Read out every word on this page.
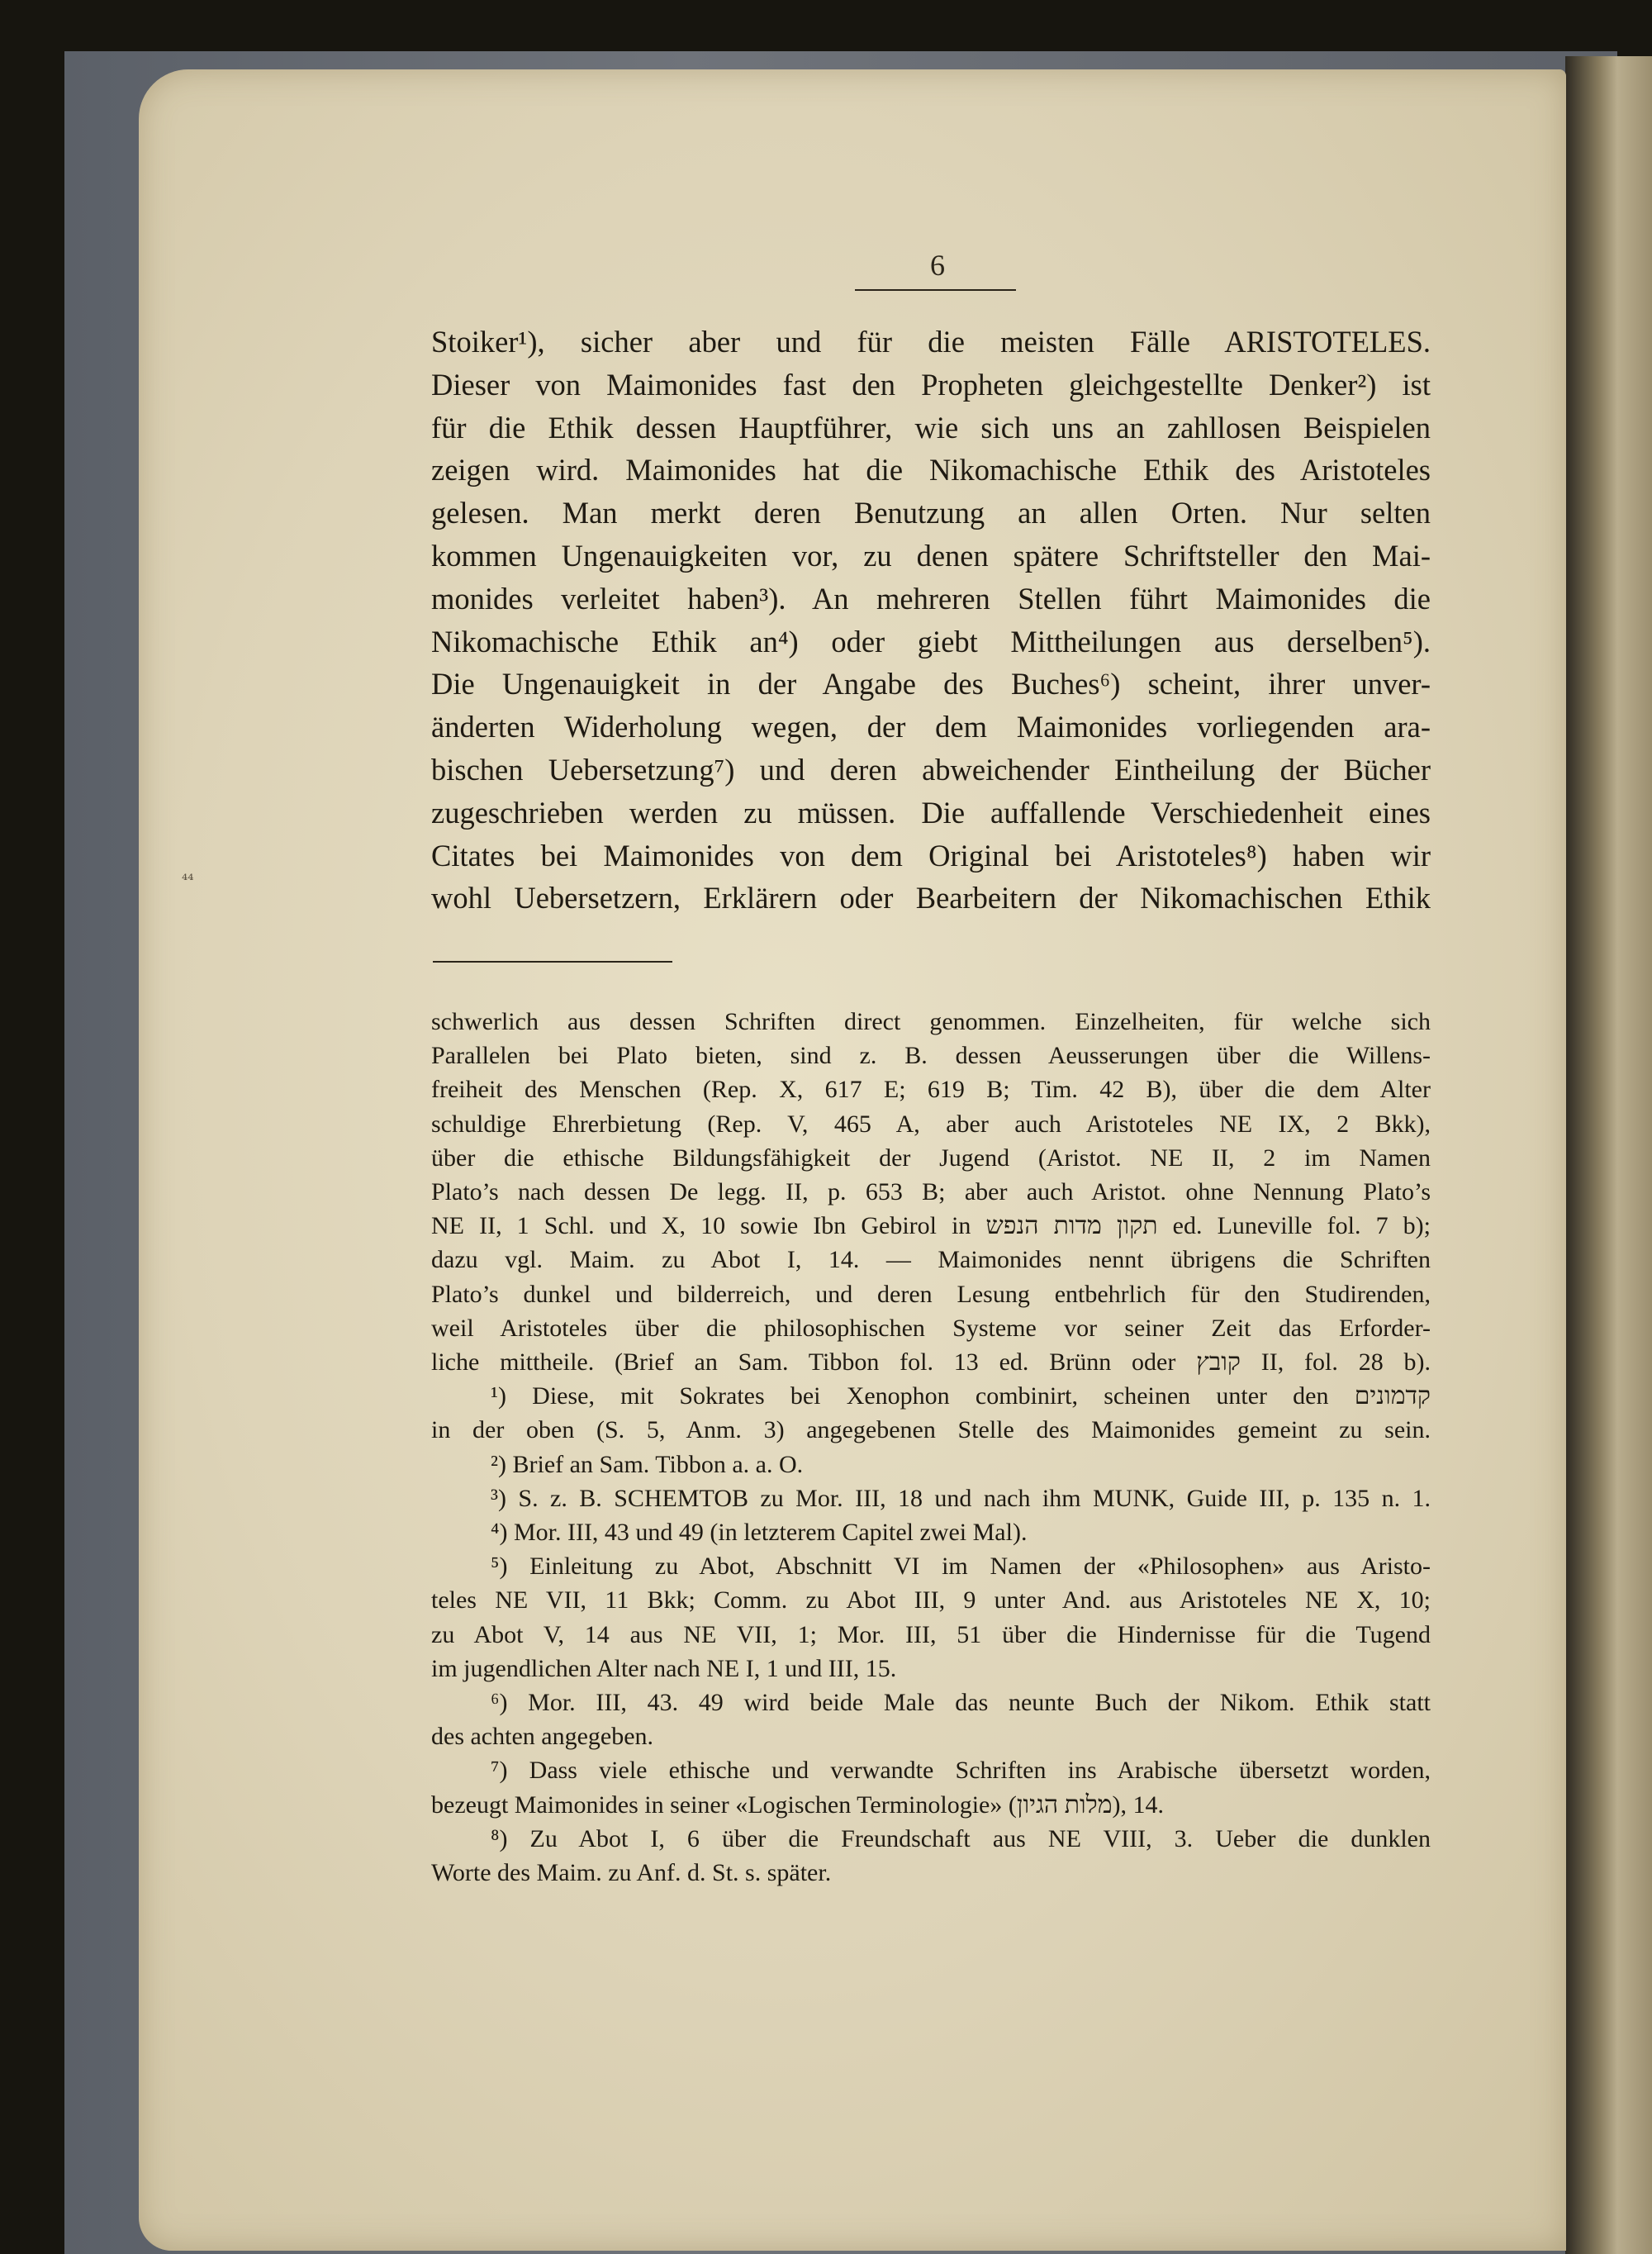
6
⁴⁴
Stoiker¹), sicher aber und für die meisten Fälle ARISTOTELES.
Dieser von Maimonides fast den Propheten gleichgestellte Denker²) ist
für die Ethik dessen Hauptführer, wie sich uns an zahllosen Beispielen
zeigen wird. Maimonides hat die Nikomachische Ethik des Aristoteles
gelesen. Man merkt deren Benutzung an allen Orten. Nur selten
kommen Ungenauigkeiten vor, zu denen spätere Schriftsteller den Mai-
monides verleitet haben³). An mehreren Stellen führt Maimonides die
Nikomachische Ethik an⁴) oder giebt Mittheilungen aus derselben⁵).
Die Ungenauigkeit in der Angabe des Buches⁶) scheint, ihrer unver-
änderten Widerholung wegen, der dem Maimonides vorliegenden ara-
bischen Uebersetzung⁷) und deren abweichender Eintheilung der Bücher
zugeschrieben werden zu müssen. Die auffallende Verschiedenheit eines
Citates bei Maimonides von dem Original bei Aristoteles⁸) haben wir
wohl Uebersetzern, Erklärern oder Bearbeitern der Nikomachischen Ethik
schwerlich aus dessen Schriften direct genommen. Einzelheiten, für welche sich
Parallelen bei Plato bieten, sind z. B. dessen Aeusserungen über die Willens-
freiheit des Menschen (Rep. X, 617 E; 619 B; Tim. 42 B), über die dem Alter
schuldige Ehrerbietung (Rep. V, 465 A, aber auch Aristoteles NE IX, 2 Bkk),
über die ethische Bildungsfähigkeit der Jugend (Aristot. NE II, 2 im Namen
Plato’s nach dessen De legg. II, p. 653 B; aber auch Aristot. ohne Nennung Plato’s
NE II, 1 Schl. und X, 10 sowie Ibn Gebirol in תקון מדות הנפש ed. Luneville fol. 7 b);
dazu vgl. Maim. zu Abot I, 14. — Maimonides nennt übrigens die Schriften
Plato’s dunkel und bilderreich, und deren Lesung entbehrlich für den Studirenden,
weil Aristoteles über die philosophischen Systeme vor seiner Zeit das Erforder-
liche mittheile. (Brief an Sam. Tibbon fol. 13 ed. Brünn oder קובץ II, fol. 28 b).
¹) Diese, mit Sokrates bei Xenophon combinirt, scheinen unter den קדמונים
in der oben (S. 5, Anm. 3) angegebenen Stelle des Maimonides gemeint zu sein.
²) Brief an Sam. Tibbon a. a. O.
³) S. z. B. SCHEMTOB zu Mor. III, 18 und nach ihm MUNK, Guide III, p. 135 n. 1.
⁴) Mor. III, 43 und 49 (in letzterem Capitel zwei Mal).
⁵) Einleitung zu Abot, Abschnitt VI im Namen der «Philosophen» aus Aristo-
teles NE VII, 11 Bkk; Comm. zu Abot III, 9 unter And. aus Aristoteles NE X, 10;
zu Abot V, 14 aus NE VII, 1; Mor. III, 51 über die Hindernisse für die Tugend
im jugendlichen Alter nach NE I, 1 und III, 15.
⁶) Mor. III, 43. 49 wird beide Male das neunte Buch der Nikom. Ethik statt
des achten angegeben.
⁷) Dass viele ethische und verwandte Schriften ins Arabische übersetzt worden,
bezeugt Maimonides in seiner «Logischen Terminologie» (מלות הגיון), 14.
⁸) Zu Abot I, 6 über die Freundschaft aus NE VIII, 3. Ueber die dunklen
Worte des Maim. zu Anf. d. St. s. später.
